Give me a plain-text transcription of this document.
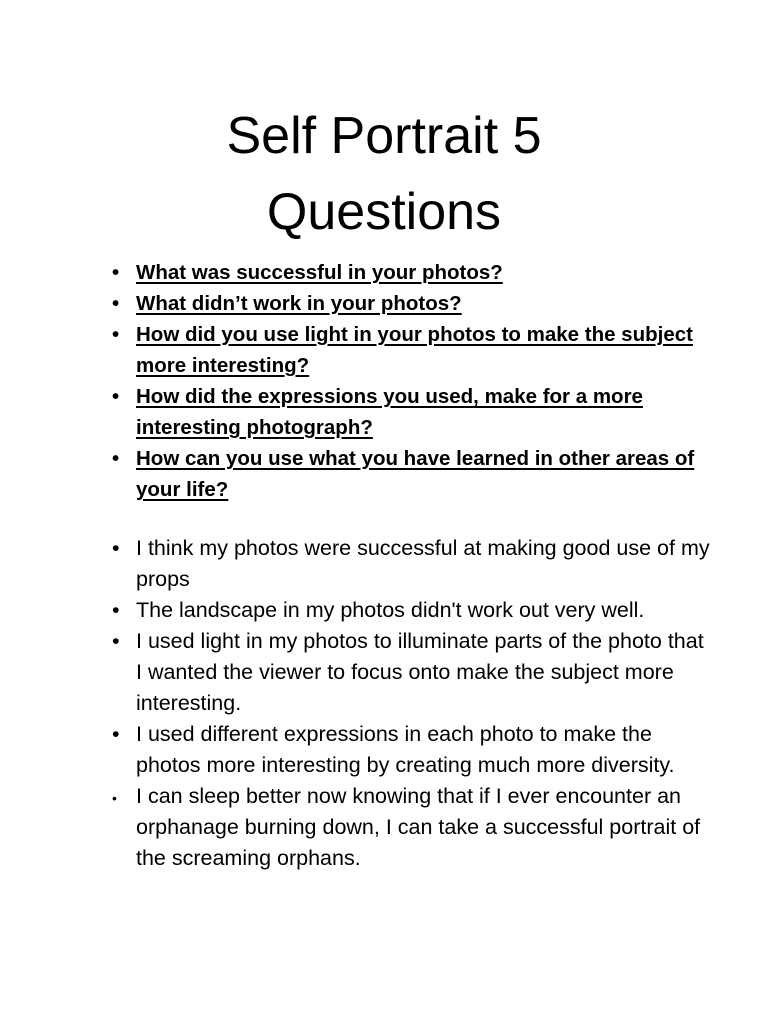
Self Portrait 5
Questions
• What was successful in your photos?
• What didn’t work in your photos?
• How did you use light in your photos to make the subject more interesting?
• How did the expressions you used, make for a more interesting photograph?
• How can you use what you have learned in other areas of your life?
• I think my photos were successful at making good use of my props
• The landscape in my photos didn't work out very well.
• I used light in my photos to illuminate parts of the photo that I wanted the viewer to focus onto make the subject more interesting.
• I used different expressions in each photo to make the photos more interesting by creating much more diversity.
• I can sleep better now knowing that if I ever encounter an orphanage burning down, I can take a successful portrait of the screaming orphans.
